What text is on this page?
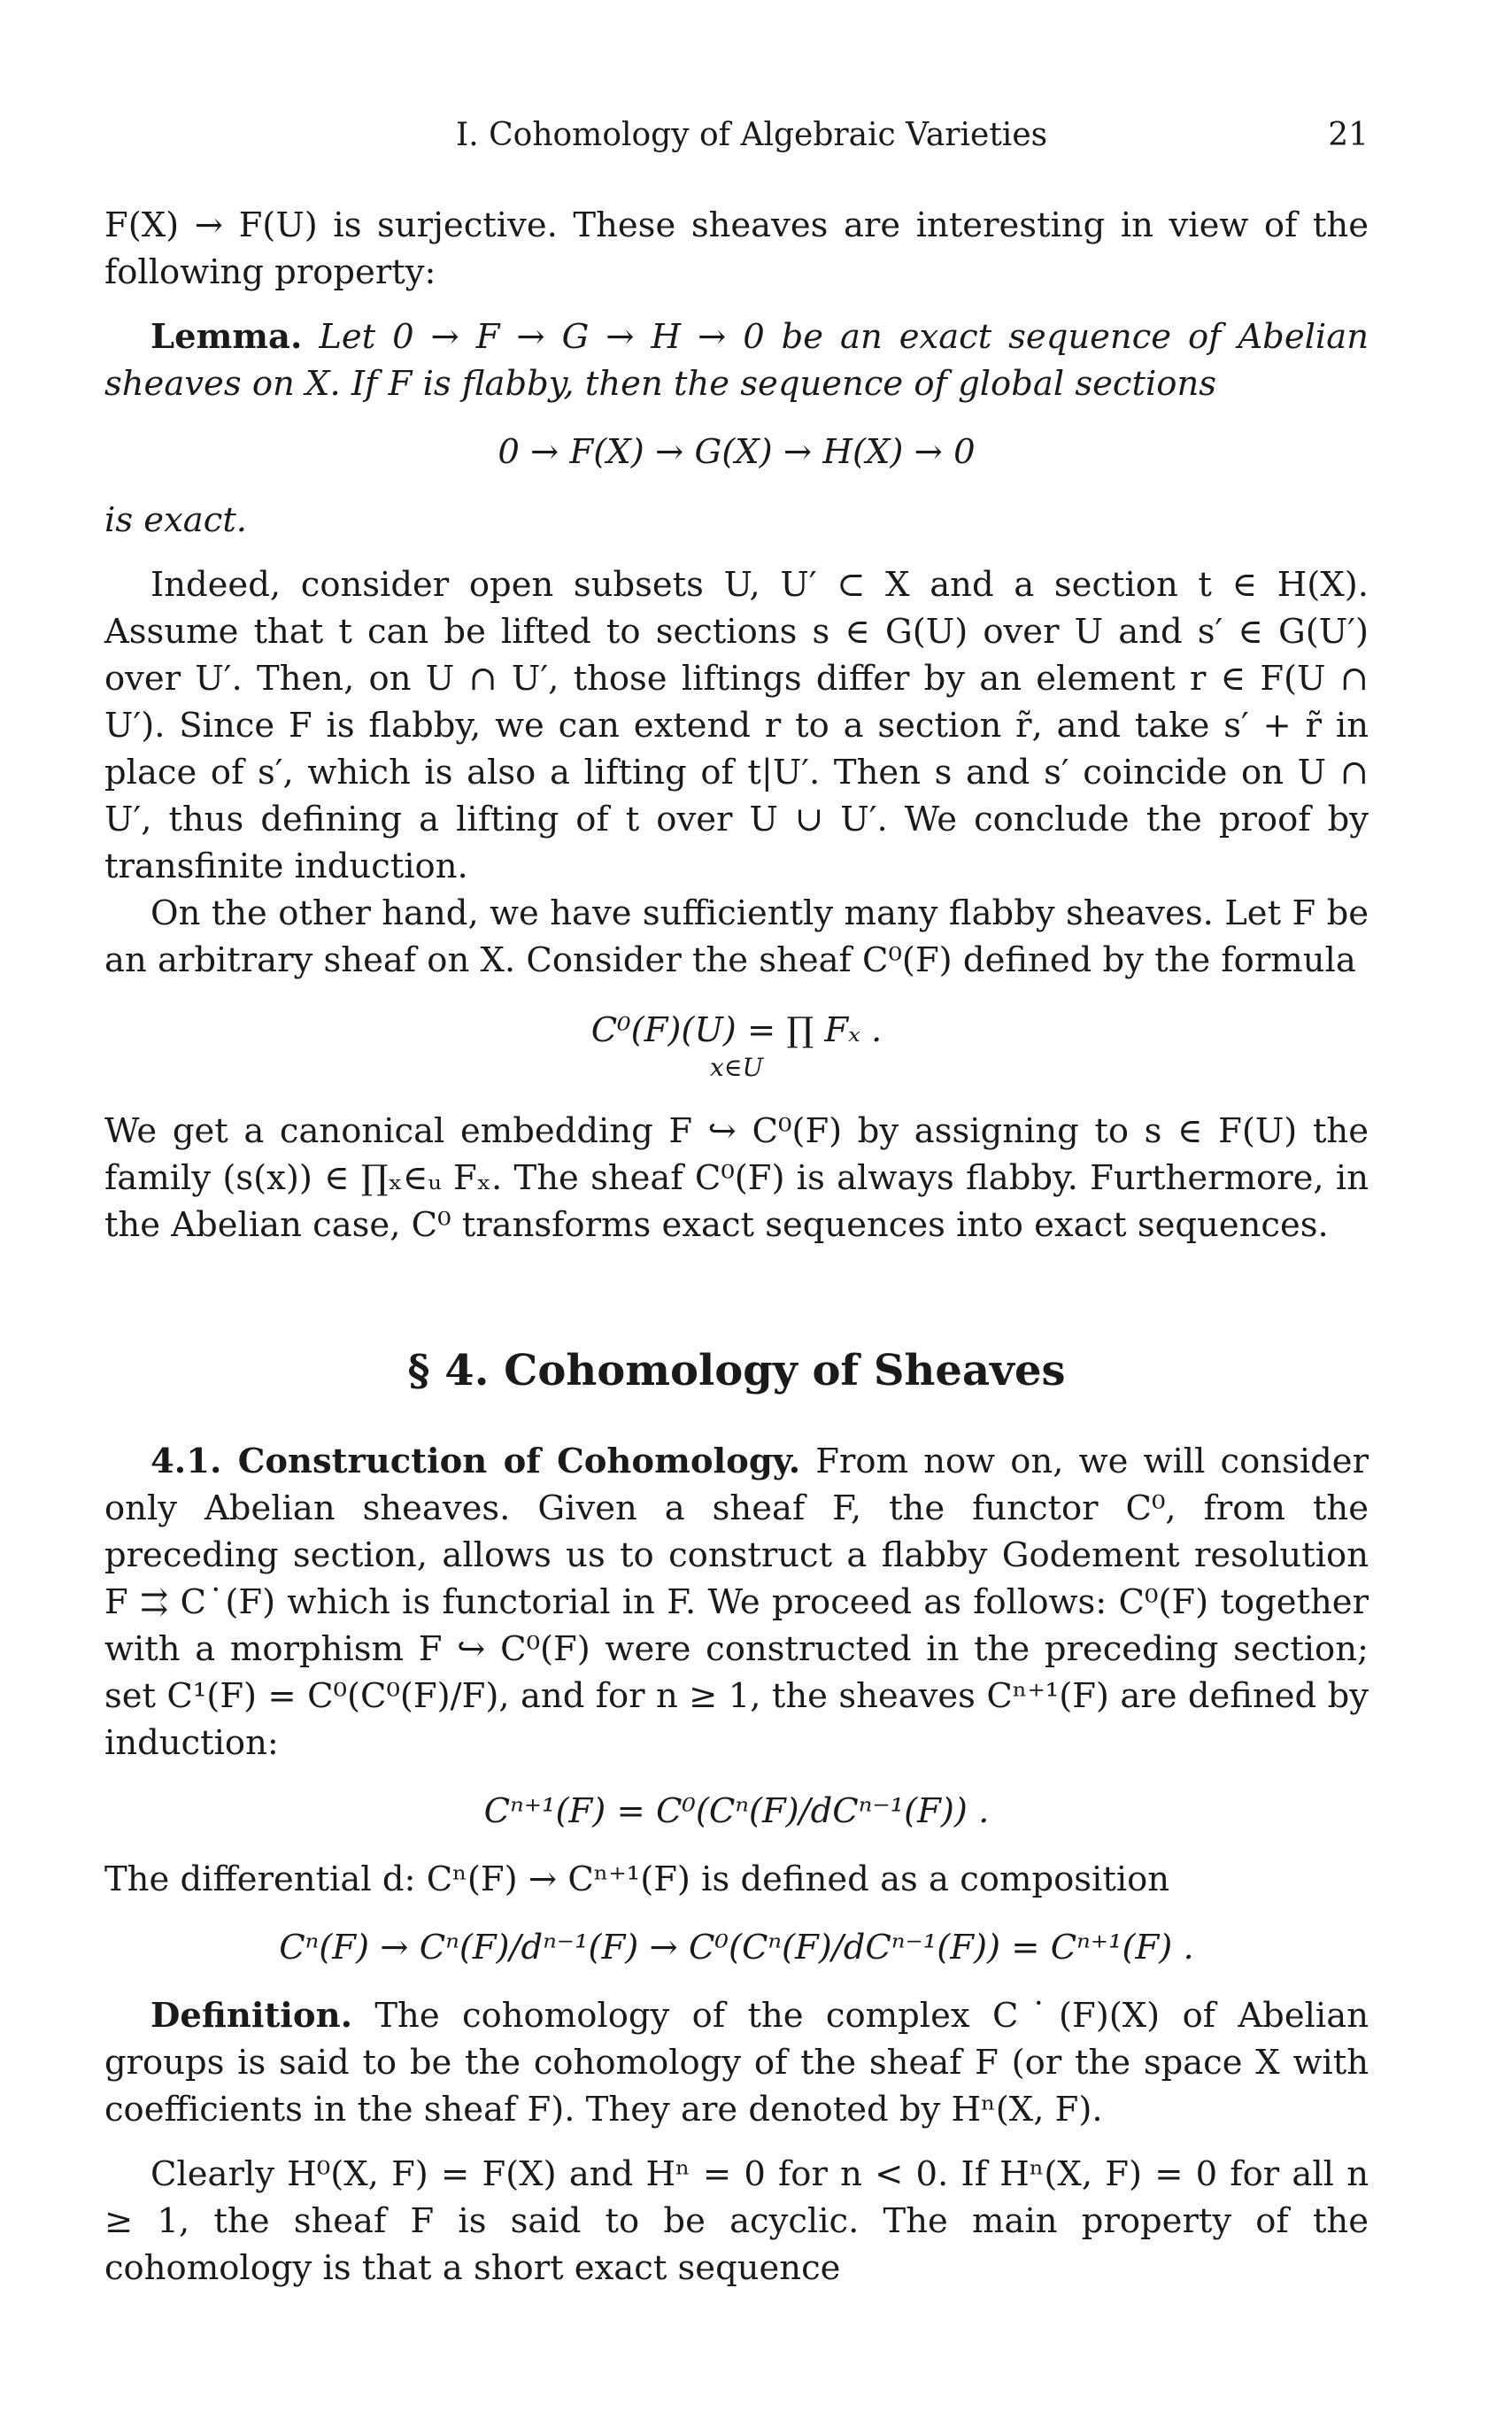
I. Cohomology of Algebraic Varieties	21

F(X) → F(U) is surjective. These sheaves are interesting in view of the following property:

Lemma. Let 0 → F → G → H → 0 be an exact sequence of Abelian sheaves on X. If F is flabby, then the sequence of global sections

0 → F(X) → G(X) → H(X) → 0

is exact.

Indeed, consider open subsets U, U′ ⊂ X and a section t ∈ H(X). Assume that t can be lifted to sections s ∈ G(U) over U and s′ ∈ G(U′) over U′. Then, on U ∩ U′, those liftings differ by an element r ∈ F(U ∩ U′). Since F is flabby, we can extend r to a section r̃, and take s′ + r̃ in place of s′, which is also a lifting of t|U′. Then s and s′ coincide on U ∩ U′, thus defining a lifting of t over U ∪ U′. We conclude the proof by transfinite induction.

On the other hand, we have sufficiently many flabby sheaves. Let F be an arbitrary sheaf on X. Consider the sheaf C⁰(F) defined by the formula

C⁰(F)(U) = ∏ Fₓ .
x∈U

We get a canonical embedding F ↪ C⁰(F) by assigning to s ∈ F(U) the family (s(x)) ∈ ∏ₓ∈ᵤ Fₓ. The sheaf C⁰(F) is always flabby. Furthermore, in the Abelian case, C⁰ transforms exact sequences into exact sequences.

§ 4. Cohomology of Sheaves

4.1. Construction of Cohomology. From now on, we will consider only Abelian sheaves. Given a sheaf F, the functor C⁰, from the preceding section, allows us to construct a flabby Godement resolution F ⇉ C˙(F) which is functorial in F. We proceed as follows: C⁰(F) together with a morphism F ↪ C⁰(F) were constructed in the preceding section; set C¹(F) = C⁰(C⁰(F)/F), and for n ≥ 1, the sheaves Cⁿ⁺¹(F) are defined by induction:

Cⁿ⁺¹(F) = C⁰(Cⁿ(F)/dCⁿ⁻¹(F)) .

The differential d: Cⁿ(F) → Cⁿ⁺¹(F) is defined as a composition

Cⁿ(F) → Cⁿ(F)/dⁿ⁻¹(F) → C⁰(Cⁿ(F)/dCⁿ⁻¹(F)) = Cⁿ⁺¹(F) .

Definition. The cohomology of the complex C˙(F)(X) of Abelian groups is said to be the cohomology of the sheaf F (or the space X with coefficients in the sheaf F). They are denoted by Hⁿ(X, F).

Clearly H⁰(X, F) = F(X) and Hⁿ = 0 for n < 0. If Hⁿ(X, F) = 0 for all n ≥ 1, the sheaf F is said to be acyclic. The main property of the cohomology is that a short exact sequence
